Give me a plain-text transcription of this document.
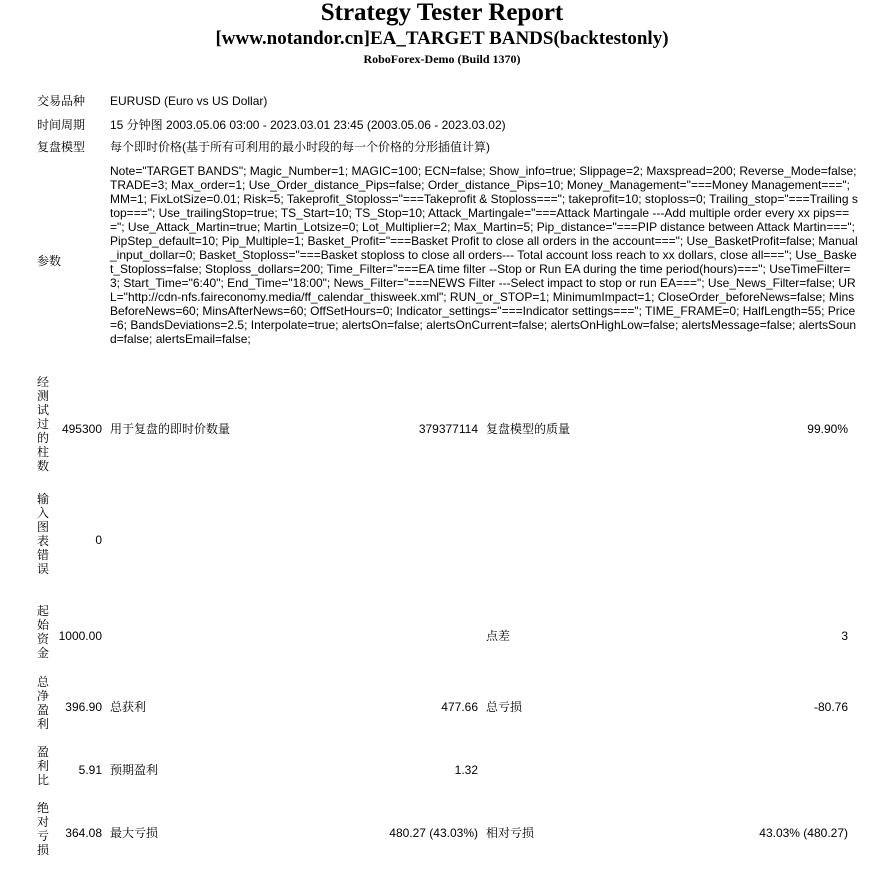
Strategy Tester Report
[www.notandor.cn]EA_TARGET BANDS(backtestonly)
RoboForex-Demo (Build 1370)
交易品种 EURUSD (Euro vs US Dollar)
时间周期 15 分钟图 2003.05.06 03:00 - 2023.03.01 23:45 (2003.05.06 - 2023.03.02)
复盘模型 每个即时价格(基于所有可利用的最小时段的每一个价格的分形插值计算)
参数
Note="TARGET BANDS"; Magic_Number=1; MAGIC=100; ECN=false; Show_info=true; Slippage=2; Maxspread=200; Reverse_Mode=false; TRADE=3; Max_order=1; Use_Order_distance_Pips=false; Order_distance_Pips=10; Money_Management="===Money Management==="; MM=1; FixLotSize=0.01; Risk=5; Takeprofit_Stoploss="===Takeprofit & Stoploss==="; takeprofit=10; stoploss=0; Trailing_stop="===Trailing stop==="; Use_trailingStop=true; TS_Start=10; TS_Stop=10; Attack_Martingale="===Attack Martingale ---Add multiple order every xx pips==="; Use_Attack_Martin=true; Martin_Lotsize=0; Lot_Multiplier=2; Max_Martin=5; Pip_distance="===PIP distance between Attack Martin==="; PipStep_default=10; Pip_Multiple=1; Basket_Profit="===Basket Profit to close all orders in the account==="; Use_BasketProfit=false; Manual_input_dollar=0; Basket_Stoploss="===Basket stoploss to close all orders--- Total account loss reach to xx dollars, close all==="; Use_Basket_Stoploss=false; Stoploss_dollars=200; Time_Filter="===EA time filter --Stop or Run EA during the time period(hours)==="; UseTimeFilter=3; Start_Time="6:40"; End_Time="18:00"; News_Filter="===NEWS Filter ---Select impact to stop or run EA==="; Use_News_Filter=false; URL="http://cdn-nfs.faireconomy.media/ff_calendar_thisweek.xml"; RUN_or_STOP=1; MinimumImpact=1; CloseOrder_beforeNews=false; MinsBeforeNews=60; MinsAfterNews=60; OffSetHours=0; Indicator_settings="===Indicator settings==="; TIME_FRAME=0; HalfLength=55; Price=6; BandsDeviations=2.5; Interpolate=true; alertsOn=false; alertsOnCurrent=false; alertsOnHighLow=false; alertsMessage=false; alertsSound=false; alertsEmail=false;
经测试过的柱数
495300 用于复盘的即时价数量	379377114 复盘模型的质量	99.90%
输入图表错误
0
起始资金
1000.00	点差	3
总净盈利
396.90 总获利	477.66 总亏损	-80.76
盈利比
5.91 预期盈利	1.32
绝对亏损
364.08 最大亏损	480.27 (43.03%) 相对亏损	43.03% (480.27)
